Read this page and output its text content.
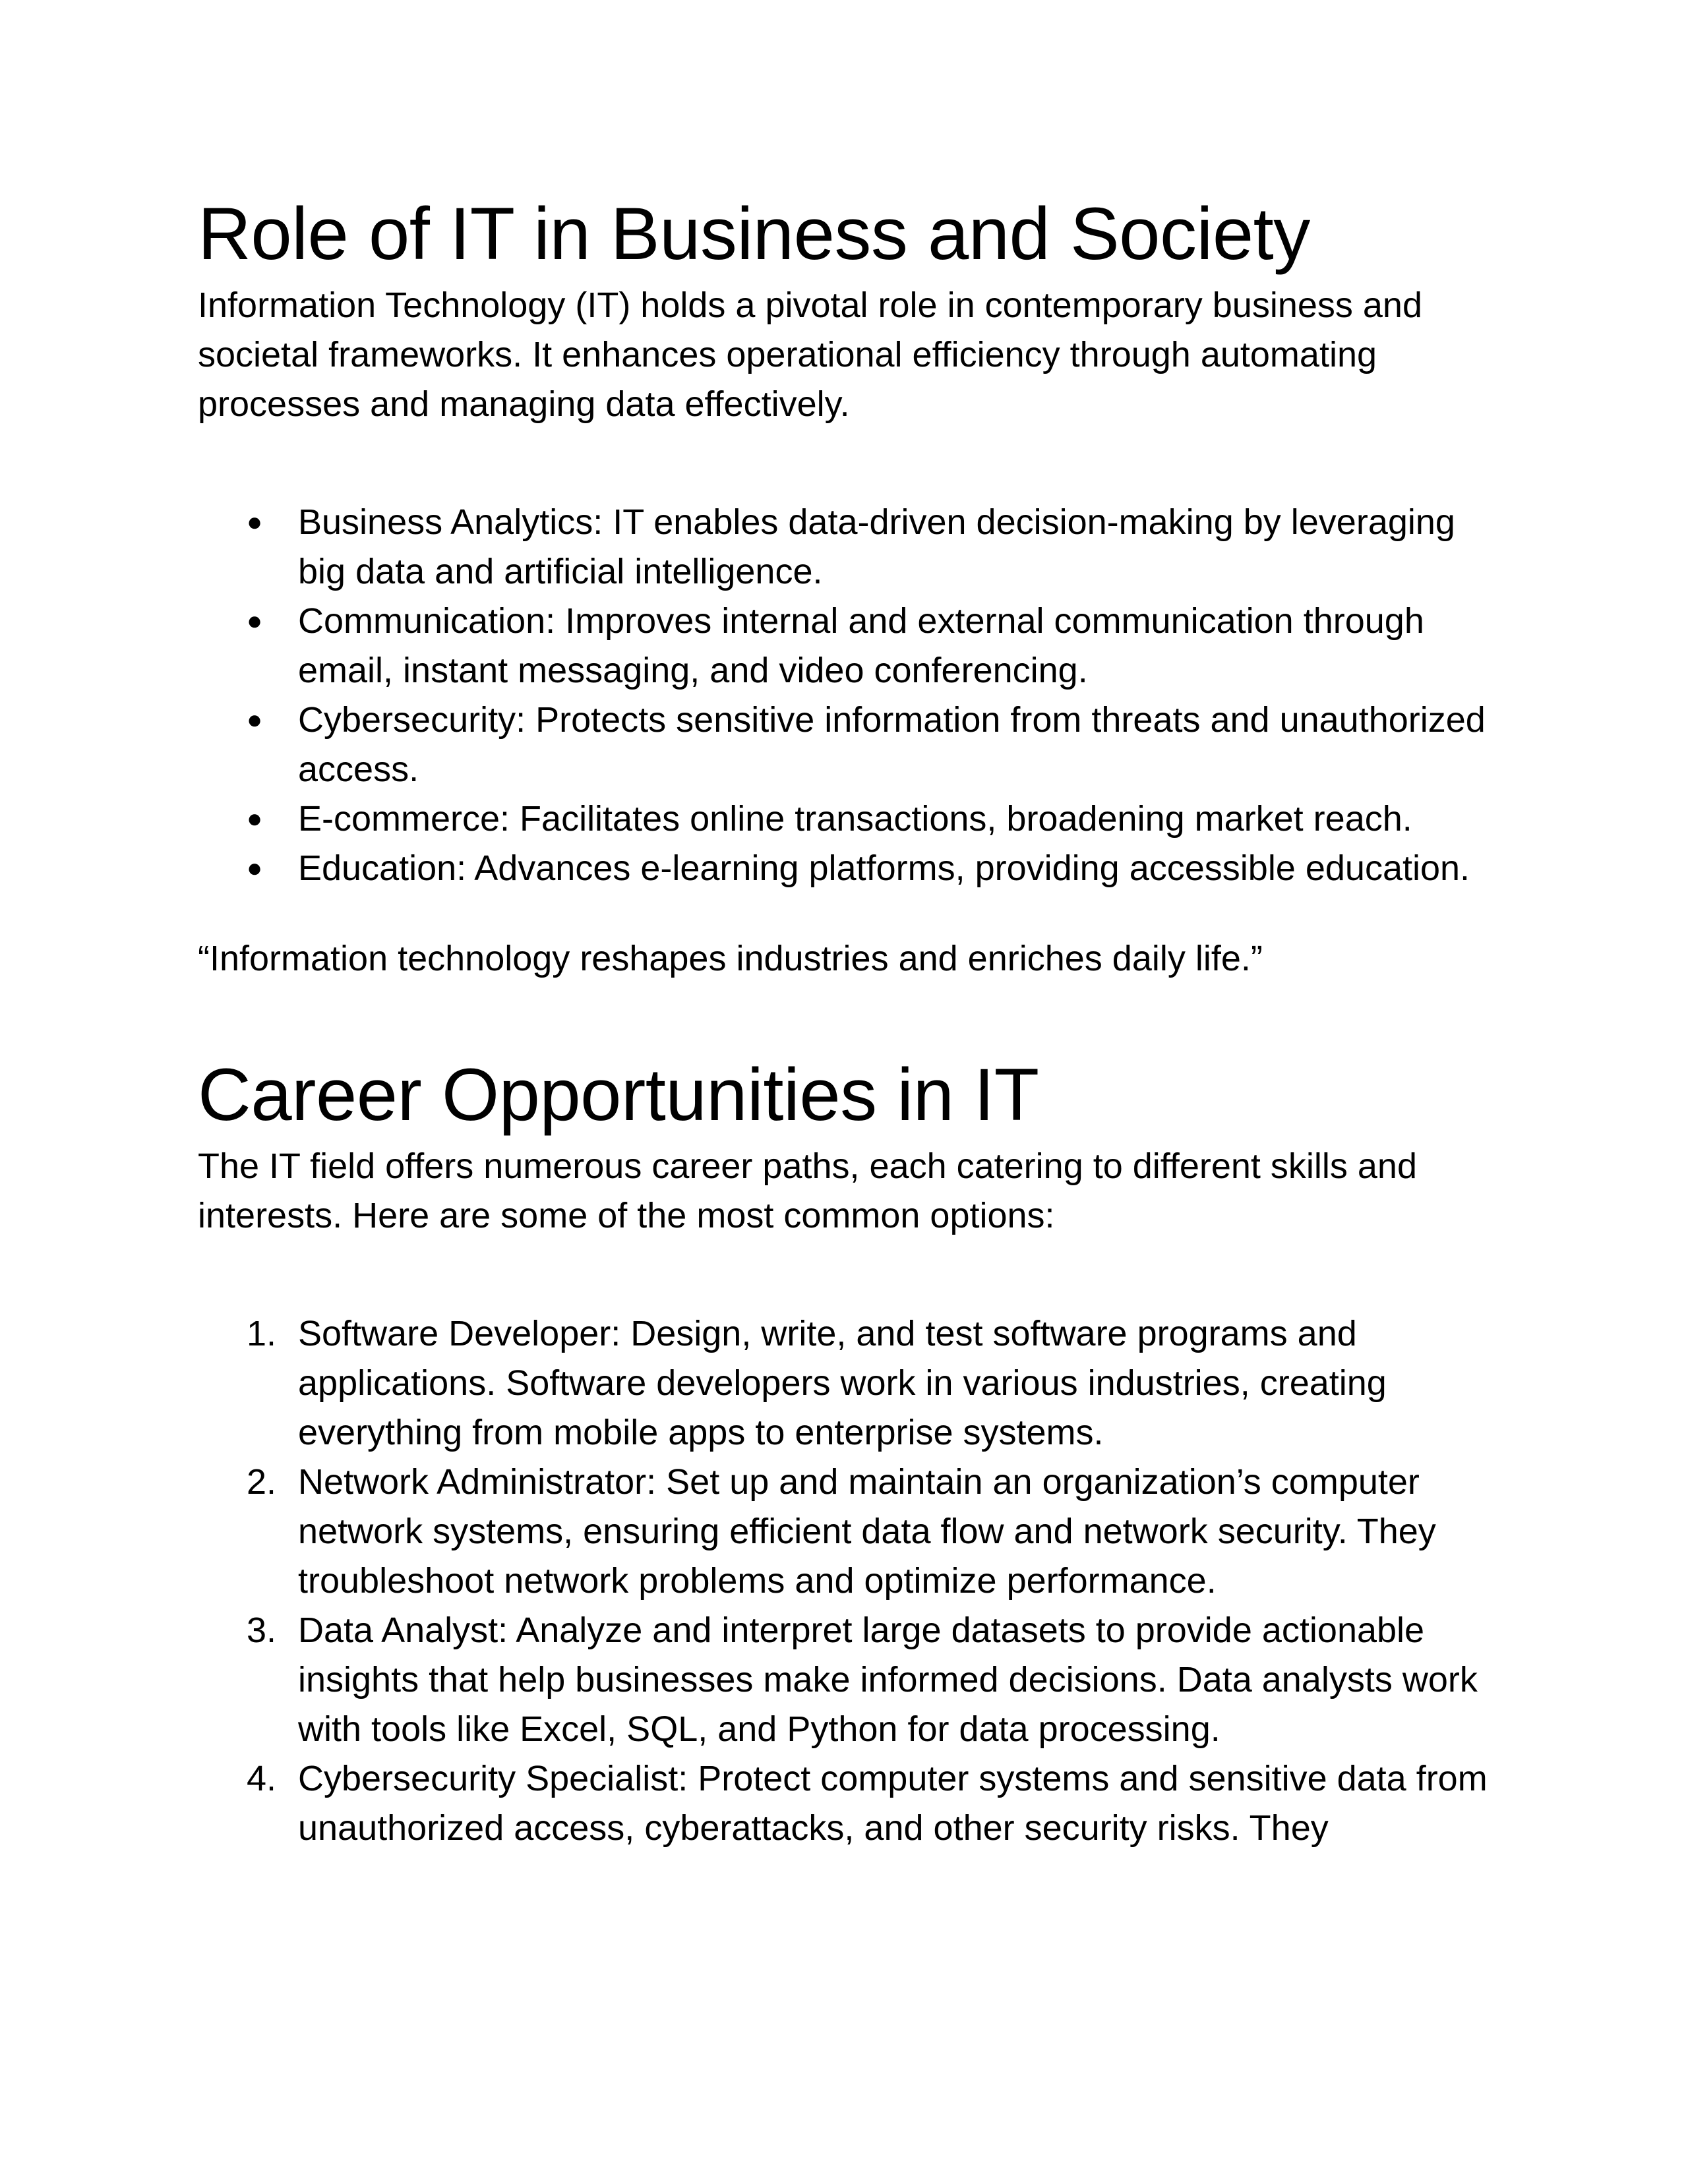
Role of IT in Business and Society

Information Technology (IT) holds a pivotal role in contemporary business and societal frameworks. It enhances operational efficiency through automating processes and managing data effectively.

● Business Analytics: IT enables data-driven decision-making by leveraging big data and artificial intelligence.
● Communication: Improves internal and external communication through email, instant messaging, and video conferencing.
● Cybersecurity: Protects sensitive information from threats and unauthorized access.
● E-commerce: Facilitates online transactions, broadening market reach.
● Education: Advances e-learning platforms, providing accessible education.

“Information technology reshapes industries and enriches daily life.”

Career Opportunities in IT

The IT field offers numerous career paths, each catering to different skills and interests. Here are some of the most common options:

1. Software Developer: Design, write, and test software programs and applications. Software developers work in various industries, creating everything from mobile apps to enterprise systems.
2. Network Administrator: Set up and maintain an organization’s computer network systems, ensuring efficient data flow and network security. They troubleshoot network problems and optimize performance.
3. Data Analyst: Analyze and interpret large datasets to provide actionable insights that help businesses make informed decisions. Data analysts work with tools like Excel, SQL, and Python for data processing.
4. Cybersecurity Specialist: Protect computer systems and sensitive data from unauthorized access, cyberattacks, and other security risks. They
